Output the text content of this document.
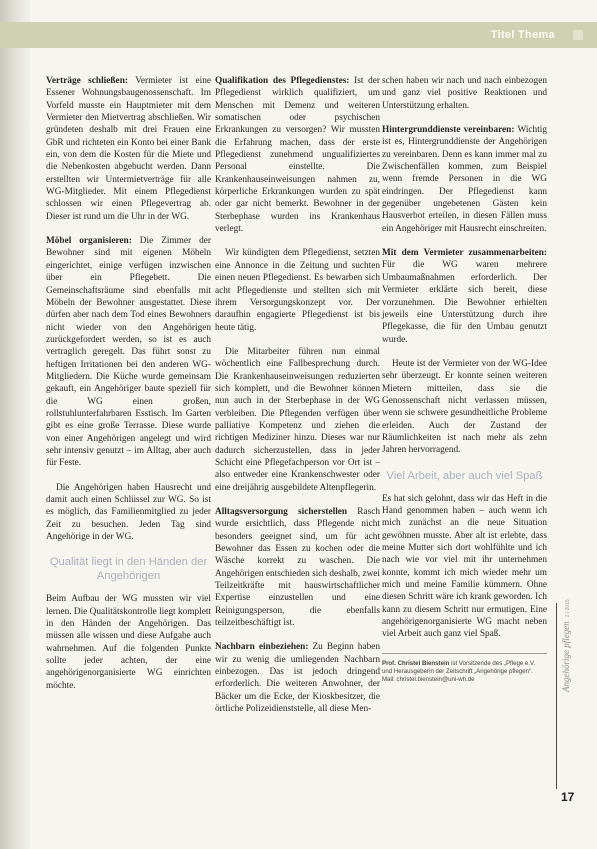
Titel Thema

Verträge schließen: Vermieter ist eine Essener Wohnungsbaugenossenschaft. Im Vorfeld musste ein Hauptmieter mit dem Vermieter den Mietvertrag abschließen. Wir gründeten deshalb mit drei Frauen eine GbR und richteten ein Konto bei einer Bank ein, von dem die Kosten für die Miete und die Nebenkosten abgebucht werden. Dann erstellten wir Untermietverträge für alle WG-Mitglieder. Mit einem Pflegedienst schlossen wir einen Pflegevertrag ab. Dieser ist rund um die Uhr in der WG.

Möbel organisieren: Die Zimmer der Bewohner sind mit eigenen Möbeln eingerichtet, einige verfügen inzwischen über ein Pflegebett. Die Gemeinschaftsräume sind ebenfalls mit Möbeln der Bewohner ausgestattet. Diese dürfen aber nach dem Tod eines Bewohners nicht wieder von den Angehörigen zurückgefordert werden, so ist es auch vertraglich geregelt. Das führt sonst zu heftigen Irritationen bei den anderen WG-Mitgliedern. Die Küche wurde gemeinsam gekauft, ein Angehöriger baute speziell für die WG einen großen, rollstuhlunterfahrbaren Esstisch. Im Garten gibt es eine große Terrasse. Diese wurde von einer Angehörigen angelegt und wird sehr intensiv genutzt – im Alltag, aber auch für Feste.

Die Angehörigen haben Hausrecht und damit auch einen Schlüssel zur WG. So ist es möglich, das Familienmitglied zu jeder Zeit zu besuchen. Jeden Tag sind Angehörige in der WG.

Qualität liegt in den Händen der Angehörigen

Beim Aufbau der WG mussten wir viel lernen. Die Qualitätskontrolle liegt komplett in den Händen der Angehörigen. Das müssen alle wissen und diese Aufgabe auch wahrnehmen. Auf die folgenden Punkte sollte jeder achten, der eine angehörigenorganisierte WG einrichten möchte.

Qualifikation des Pflegedienstes: Ist der Pflegedienst wirklich qualifiziert, um Menschen mit Demenz und weiteren somatischen oder psychischen Erkrankungen zu versorgen? Wir mussten die Erfahrung machen, dass der erste Pflegedienst zunehmend ungualifiziertes Personal einstellte. Die Krankenhauseinweisungen nahmen zu, körperliche Erkrankungen wurden zu spät oder gar nicht bemerkt. Bewohner in der Sterbephase wurden ins Krankenhaus verlegt.

Wir kündigten dem Pflegedienst, setzten eine Annonce in die Zeitung und suchten einen neuen Pflegedienst. Es bewarben sich acht Pflegedienste und stellten sich mit ihrem Versorgungskonzept vor. Der daraufhin engagierte Pflegedienst ist bis heute tätig.

Die Mitarbeiter führen nun einmal wöchentlich eine Fallbesprechung durch. Die Krankenhauseinweisungen reduzierten sich komplett, und die Bewohner können nun auch in der Sterbephase in der WG verbleiben. Die Pflegenden verfügen über palliative Kompetenz und ziehen die richtigen Mediziner hinzu. Dieses war nur dadurch sicherzustellen, dass in jeder Schicht eine Pflegefachperson vor Ort ist – also entweder eine Krankenschwester oder eine dreijährig ausgebildete Altenpflegerin.

Alltagsversorgung sicherstellen Rasch wurde ersichtlich, dass Pflegende nicht besonders geeignet sind, um für acht Bewohner das Essen zu kochen oder die Wäsche korrekt zu waschen. Die Angehörigen entschieden sich deshalb, zwei Teilzeitkräfte mit hauswirtschaftlicher Expertise einzustellen und eine Reinigungsperson, die ebenfalls teilzeitbeschäftigt ist.

Nachbarn einbeziehen: Zu Beginn haben wir zu wenig die umliegenden Nachbarn einbezogen. Das ist jedoch dringend erforderlich. Die weiteren Anwohner, der Bäcker um die Ecke, der Kioskbesitzer, die örtliche Polizeidienststelle, all diese Men-

schen haben wir nach und nach einbezogen und ganz viel positive Reaktionen und Unterstützung erhalten.

Hintergrunddienste vereinbaren: Wichtig ist es, Hintergrunddienste der Angehörigen zu vereinbaren. Denn es kann immer mal zu Zwischenfällen kommen, zum Beispiel wenn fremde Personen in die WG eindringen. Der Pflegedienst kann gegenüber ungebetenen Gästen kein Hausverbot erteilen, in diesen Fällen muss ein Angehöriger mit Hausrecht einschreiten.

Mit dem Vermieter zusammenarbeiten: Für die WG waren mehrere Umbaumaßnahmen erforderlich. Der Vermieter erklärte sich bereit, diese vorzunehmen. Die Bewohner erhielten jeweils eine Unterstützung durch ihre Pflegekasse, die für den Umbau genutzt wurde.

Heute ist der Vermieter von der WG-Idee sehr überzeugt. Er konnte seinen weiteren Mietern mitteilen, dass sie die Genossenschaft nicht verlassen müssen, wenn sie schwere gesundheitliche Probleme erleiden. Auch der Zustand der Räumlichkeiten ist nach mehr als zehn Jahren hervorragend.

Viel Arbeit, aber auch viel Spaß

Es hat sich gelohnt, dass wir das Heft in die Hand genommen haben – auch wenn ich mich zunächst an die neue Situation gewöhnen musste. Aber alt ist erlebte, dass meine Mutter sich dort wohlfühlte und ich nach wie vor viel mit ihr unternehmen konnte, kommt ich mich wieder mehr um mich und meine Familie kümmern. Ohne diesen Schritt wäre ich krank geworden. Ich kann zu diesem Schritt nur ermutigen. Eine angehörigenorganisierte WG macht neben viel Arbeit auch ganz viel Spaß.

Prof. Christel Bienstein ist Vorsitzende des „Pflege e.V. und Herausgeberin der Zeitschrift „Angehörige pflegen“.
Mail: christel.bienstein@uni-wh.de	Angehörige pflegen2 | 2015
17
